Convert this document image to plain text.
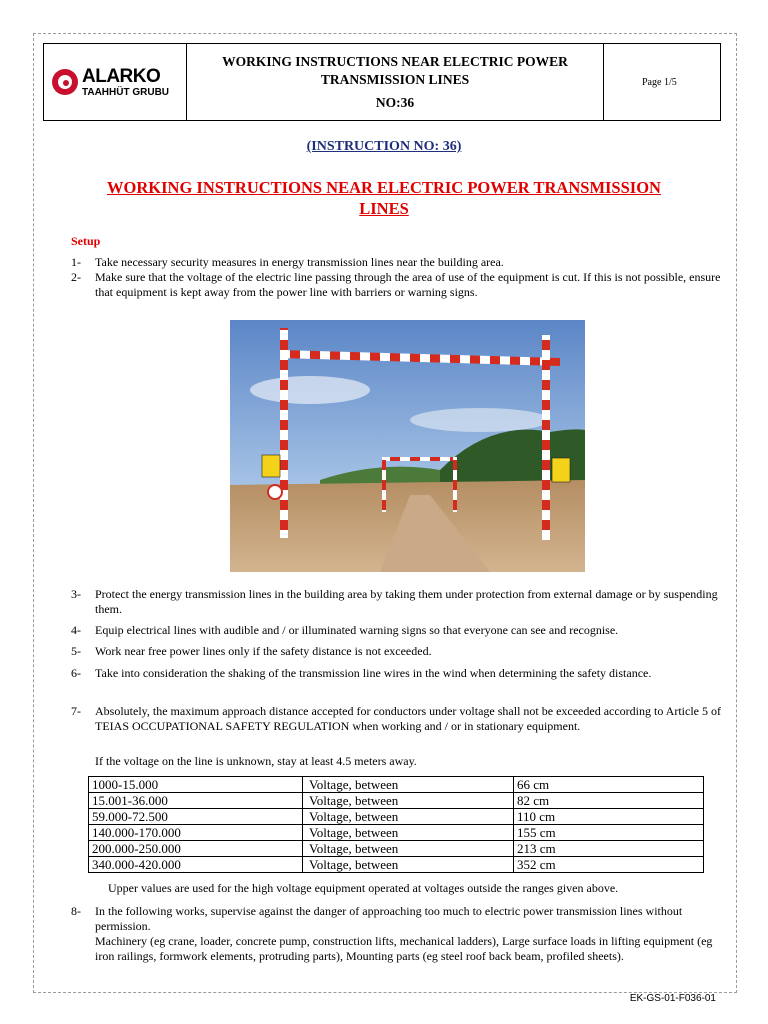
ALARKO
TAAHHÜT GRUBU

WORKING INSTRUCTIONS NEAR ELECTRIC POWER
TRANSMISSION LINES
NO:36
	Page 1/5
(INSTRUCTION NO: 36)
WORKING INSTRUCTIONS NEAR ELECTRIC POWER TRANSMISSION
LINES
Setup
1- Take necessary security measures in energy transmission lines near the building area.
2- Make sure that the voltage of the electric line passing through the area of use of the equipment is cut. If this is not possible, ensure that equipment is kept away from the power line with barriers or warning signs.
3- Protect the energy transmission lines in the building area by taking them under protection from external damage or by suspending them.
4- Equip electrical lines with audible and / or illuminated warning signs so that everyone can see and recognise.
5- Work near free power lines only if the safety distance is not exceeded.
6- Take into consideration the shaking of the transmission line wires in the wind when determining the safety distance.
7- Absolutely, the maximum approach distance accepted for conductors under voltage shall not be exceeded according to Article 5 of TEIAS OCCUPATIONAL SAFETY REGULATION when working and / or in stationary equipment.
If the voltage on the line is unknown, stay at least 4.5 meters away.
1000-15.000	Voltage, between	66 cm
15.001-36.000	Voltage, between	82 cm
59.000-72.500	Voltage, between	110 cm
140.000-170.000	Voltage, between	155 cm
200.000-250.000	Voltage, between	213 cm
340.000-420.000	Voltage, between	352 cm
Upper values are used for the high voltage equipment operated at voltages outside the ranges given above.
8- In the following works, supervise against the danger of approaching too much to electric power transmission lines without permission.
Machinery (eg crane, loader, concrete pump, construction lifts, mechanical ladders), Large surface loads in lifting equipment (eg iron railings, formwork elements, protruding parts), Mounting parts (eg steel roof back beam, profiled sheets).
EK-GS-01-F036-01
